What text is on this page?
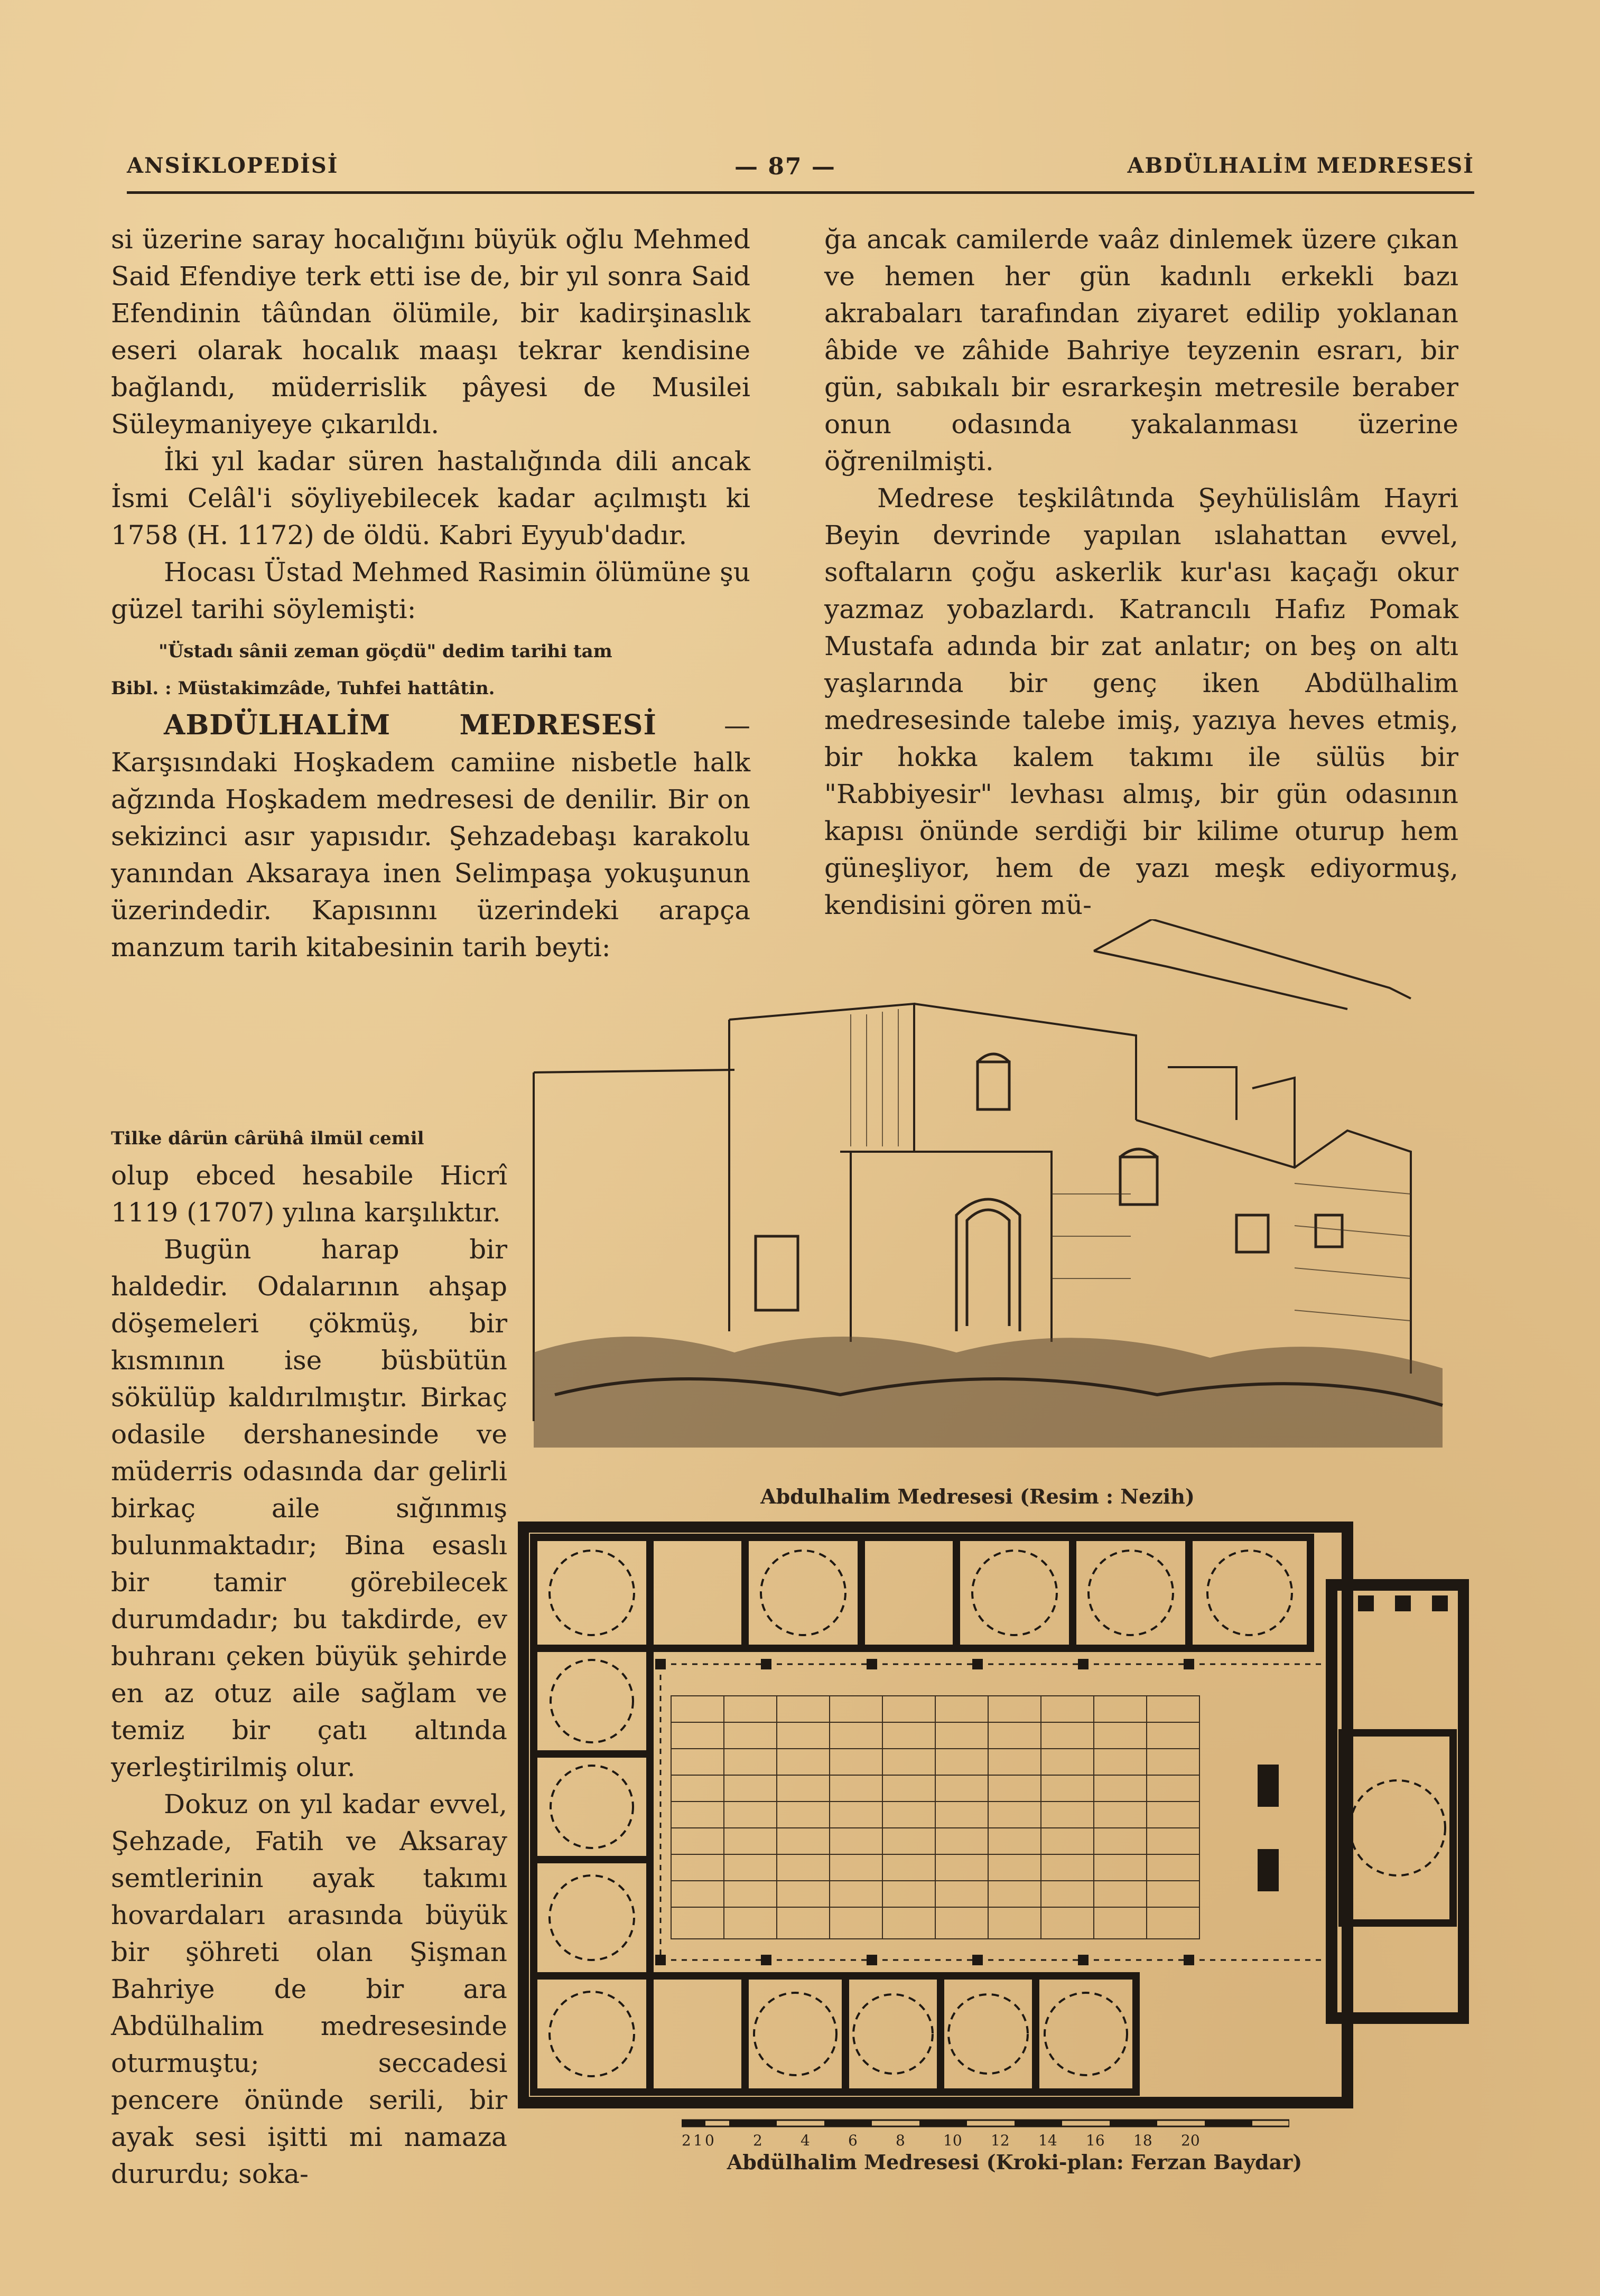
ANSİKLOPEDİSİ	— 87 —	ABDÜLHALİM MEDRESESİ

si üzerine saray hocalığını büyük oğlu Mehmed Said Efendiye terk etti ise de, bir yıl sonra Said Efendinin tâûndan ölümile, bir kadirşinaslık eseri olarak hocalık maaşı tekrar kendisine bağlandı, müderrislik pâyesi de Musilei Süleymaniyeye çıkarıldı.

İki yıl kadar süren hastalığında dili ancak İsmi Celâl'i söyliyebilecek kadar açılmıştı ki 1758 (H. 1172) de öldü. Kabri Eyyub'dadır.

Hocası Üstad Mehmed Rasimin ölümüne şu güzel tarihi söylemişti:

"Üstadı sânii zeman göçdü" dedim tarihi tam
Bibl. : Müstakimzâde, Tuhfei hattâtin.

ABDÜLHALİM MEDRESESİ — Karşısındaki Hoşkadem camiine nisbetle halk ağzında Hoşkadem medresesi de denilir. Bir on sekizinci asır yapısıdır. Şehzadebaşı karakolu yanından Aksaraya inen Selimpaşa yokuşunun üzerindedir. Kapısınnı üzerindeki arapça manzum tarih kitabesinin tarih beyti:

Tilke dârün cârühâ ilmül cemil

olup ebced hesabile Hicrî 1119 (1707) yılına karşılıktır.

Bugün harap bir haldedir. Odalarının ahşap döşemeleri çökmüş, bir kısmının ise büsbütün sökülüp kaldırılmıştır. Birkaç odasile dershanesinde ve müderris odasında dar gelirli birkaç aile sığınmış bulunmaktadır; Bina esaslı bir tamir görebilecek durumdadır; bu takdirde, ev buhranı çeken büyük şehirde en az otuz aile sağlam ve temiz bir çatı altında yerleştirilmiş olur.

Dokuz on yıl kadar evvel, Şehzade, Fatih ve Aksaray semtlerinin ayak takımı hovardaları arasında büyük bir şöhreti olan Şişman Bahriye de bir ara Abdülhalim medresesinde oturmuştu; seccadesi pencere önünde serili, bir ayak sesi işitti mi namaza dururdu; soka-

ğa ancak camilerde vaâz dinlemek üzere çıkan ve hemen her gün kadınlı erkekli bazı akrabaları tarafından ziyaret edilip yoklanan âbide ve zâhide Bahriye teyzenin esrarı, bir gün, sabıkalı bir esrarkeşin metresile beraber onun odasında yakalanması üzerine öğrenilmişti.

Medrese teşkilâtında Şeyhülislâm Hayri Beyin devrinde yapılan ıslahattan evvel, softaların çoğu askerlik kur'ası kaçağı okur yazmaz yobazlardı. Katrancılı Hafız Pomak Mustafa adında bir zat anlatır; on beş on altı yaşlarında bir genç iken Abdülhalim medresesinde talebe imiş, yazıya heves etmiş, bir hokka kalem takımı ile sülüs bir "Rabbiyesir" levhası almış, bir gün odasının kapısı önünde serdiği bir kilime oturup hem güneşliyor, hem de yazı meşk ediyormuş, kendisini gören mü-

Abdulhalim Medresesi (Resim : Nezih)
2 1 0	2	4	6	8	10 12 14 16 18 20
Abdülhalim Medresesi (Kroki-plan: Ferzan Baydar)
